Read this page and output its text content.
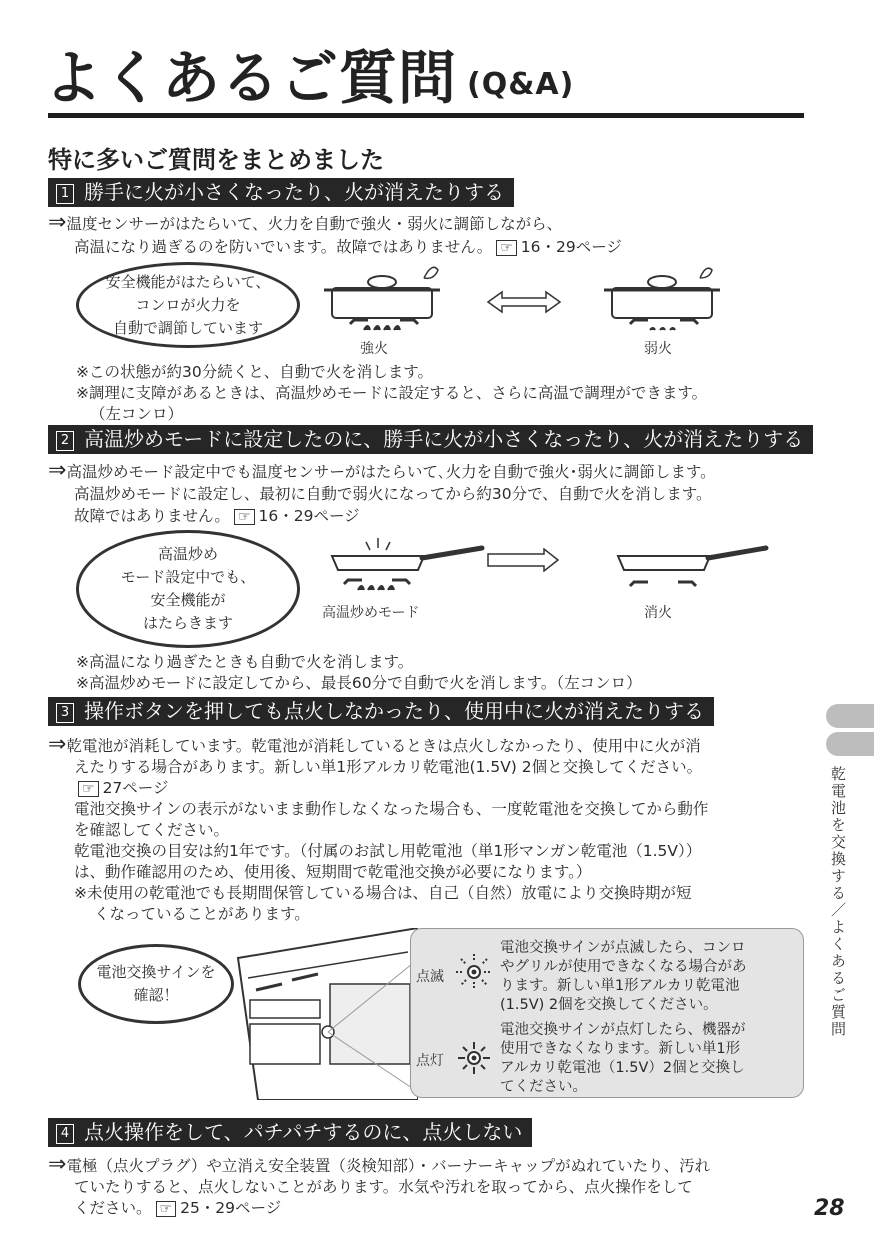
よくあるご質問 (Q&A)
特に多いご質問をまとめました
1 勝手に火が小さくなったり、火が消えたりする
⇒温度センサーがはたらいて、火力を自動で強火・弱火に調節しながら、
高温になり過ぎるのを防いでいます。故障ではありません。 ☞ 16・29ページ
安全機能がはたらいて、
コンロが火力を
自動で調節しています
強火	弱火
※この状態が約30分続くと、自動で火を消します。
※調理に支障があるときは、高温炒めモードに設定すると、さらに高温で調理ができます。
（左コンロ）
2 高温炒めモードに設定したのに、勝手に火が小さくなったり、火が消えたりする
⇒高温炒めモード設定中でも温度センサーがはたらいて､火力を自動で強火･弱火に調節します。
高温炒めモードに設定し、最初に自動で弱火になってから約30分で、自動で火を消します。
故障ではありません。 ☞ 16・29ページ
高温炒め
モード設定中でも、
安全機能が
はたらきます
高温炒めモード	消火
※高温になり過ぎたときも自動で火を消します。
※高温炒めモードに設定してから、最長60分で自動で火を消します。（左コンロ）
3 操作ボタンを押しても点火しなかったり、使用中に火が消えたりする
⇒乾電池が消耗しています。乾電池が消耗しているときは点火しなかったり、使用中に火が消
えたりする場合があります。新しい単1形アルカリ乾電池(1.5V) 2個と交換してください。
☞ 27ページ
電池交換サインの表示がないまま動作しなくなった場合も、一度乾電池を交換してから動作
を確認してください。
乾電池交換の目安は約1年です。（付属のお試し用乾電池（単1形マンガン乾電池（1.5V））
は、動作確認用のため、使用後、短期間で乾電池交換が必要になります。）
※未使用の乾電池でも長期間保管している場合は、自己（自然）放電により交換時期が短
くなっていることがあります。
電池交換サインを
確認！
点滅
電池交換サインが点滅したら、コンロ
やグリルが使用できなくなる場合があ
ります。新しい単1形アルカリ乾電池
(1.5V) 2個を交換してください。
点灯
電池交換サインが点灯したら、機器が
使用できなくなります。新しい単1形
アルカリ乾電池（1.5V）2個と交換し
てください。
4 点火操作をして、パチパチするのに、点火しない
⇒電極（点火プラグ）や立消え安全装置（炎検知部）・バーナーキャップがぬれていたり、汚れ
ていたりすると、点火しないことがあります。水気や汚れを取ってから、点火操作をして
ください。 ☞ 25・29ページ
乾電池を交換する／よくあるご質問
28
